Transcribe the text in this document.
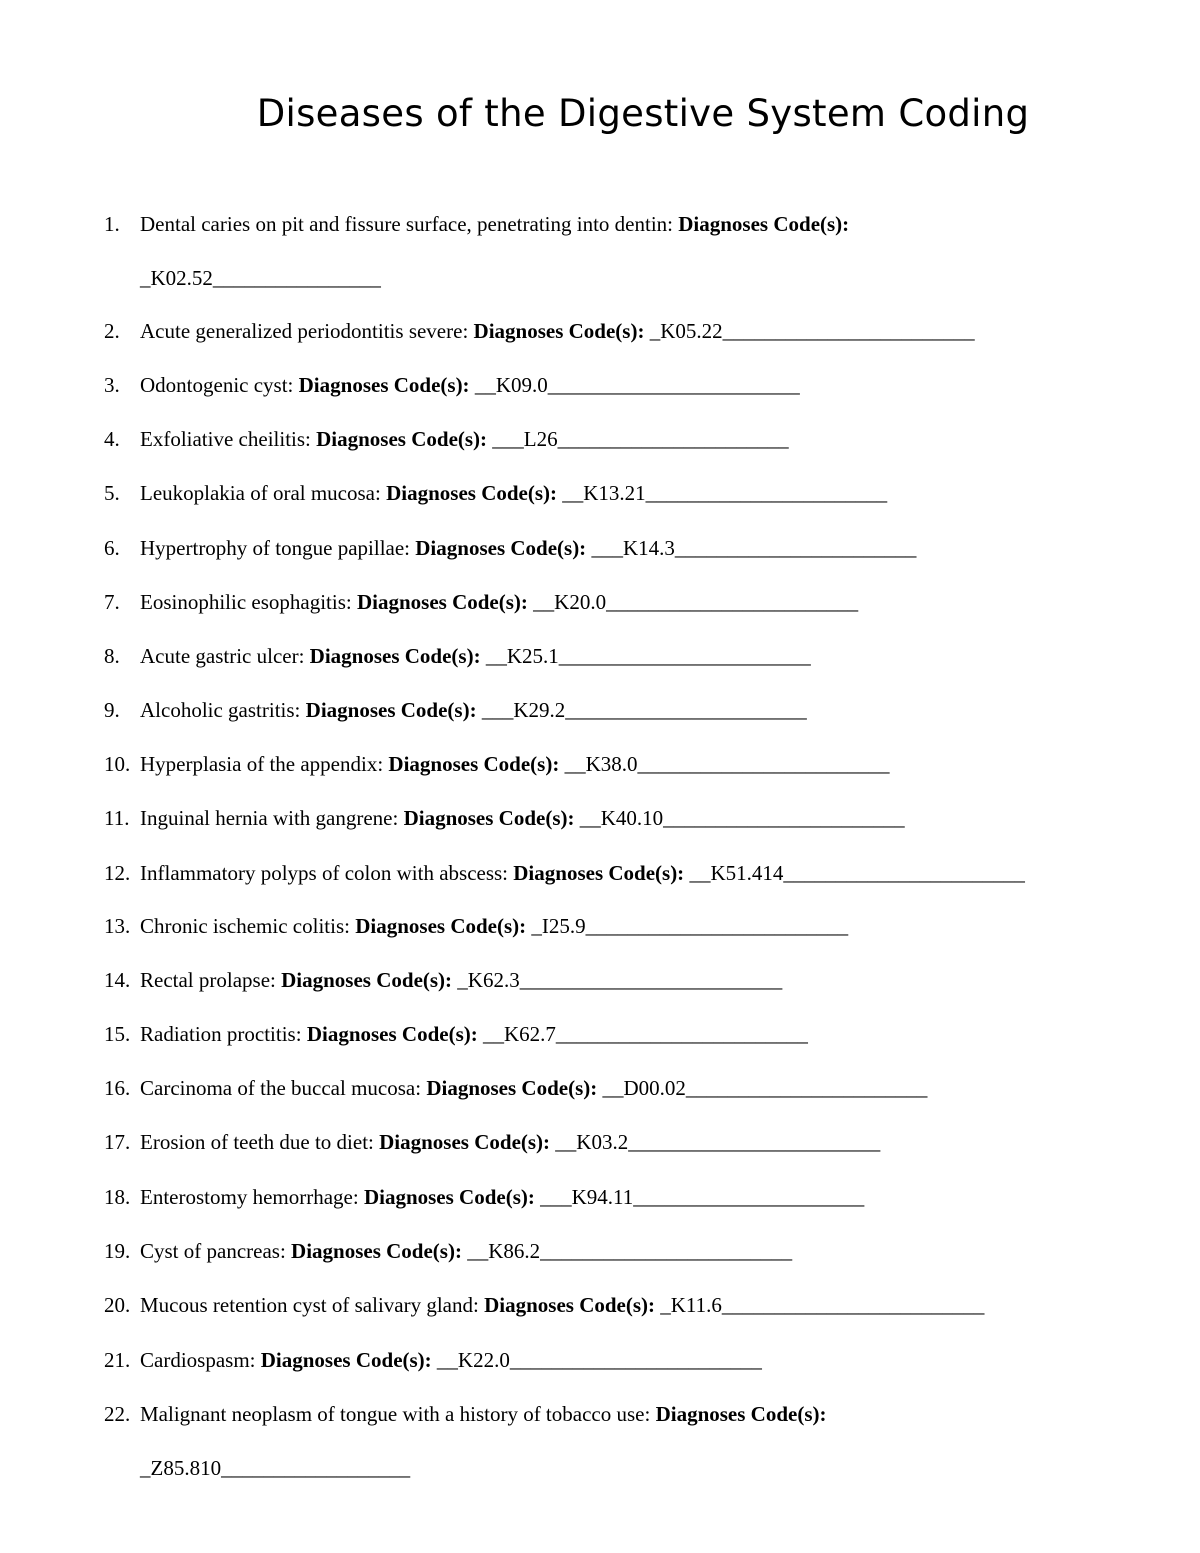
Diseases of the Digestive System Coding
1. Dental caries on pit and fissure surface, penetrating into dentin: Diagnoses Code(s):
_K02.52________________
2. Acute generalized periodontitis severe: Diagnoses Code(s): _K05.22________________________
3. Odontogenic cyst: Diagnoses Code(s): __K09.0________________________
4. Exfoliative cheilitis: Diagnoses Code(s): ___L26______________________
5. Leukoplakia of oral mucosa: Diagnoses Code(s): __K13.21_______________________
6. Hypertrophy of tongue papillae: Diagnoses Code(s): ___K14.3_______________________
7. Eosinophilic esophagitis: Diagnoses Code(s): __K20.0________________________
8. Acute gastric ulcer: Diagnoses Code(s): __K25.1________________________
9. Alcoholic gastritis: Diagnoses Code(s): ___K29.2_______________________
10. Hyperplasia of the appendix: Diagnoses Code(s): __K38.0________________________
11. Inguinal hernia with gangrene: Diagnoses Code(s): __K40.10_______________________
12. Inflammatory polyps of colon with abscess: Diagnoses Code(s): __K51.414_______________________
13. Chronic ischemic colitis: Diagnoses Code(s): _I25.9_________________________
14. Rectal prolapse: Diagnoses Code(s): _K62.3_________________________
15. Radiation proctitis: Diagnoses Code(s): __K62.7________________________
16. Carcinoma of the buccal mucosa: Diagnoses Code(s): __D00.02_______________________
17. Erosion of teeth due to diet: Diagnoses Code(s): __K03.2________________________
18. Enterostomy hemorrhage: Diagnoses Code(s): ___K94.11______________________
19. Cyst of pancreas: Diagnoses Code(s): __K86.2________________________
20. Mucous retention cyst of salivary gland: Diagnoses Code(s): _K11.6_________________________
21. Cardiospasm: Diagnoses Code(s): __K22.0________________________
22. Malignant neoplasm of tongue with a history of tobacco use: Diagnoses Code(s):
_Z85.810__________________
